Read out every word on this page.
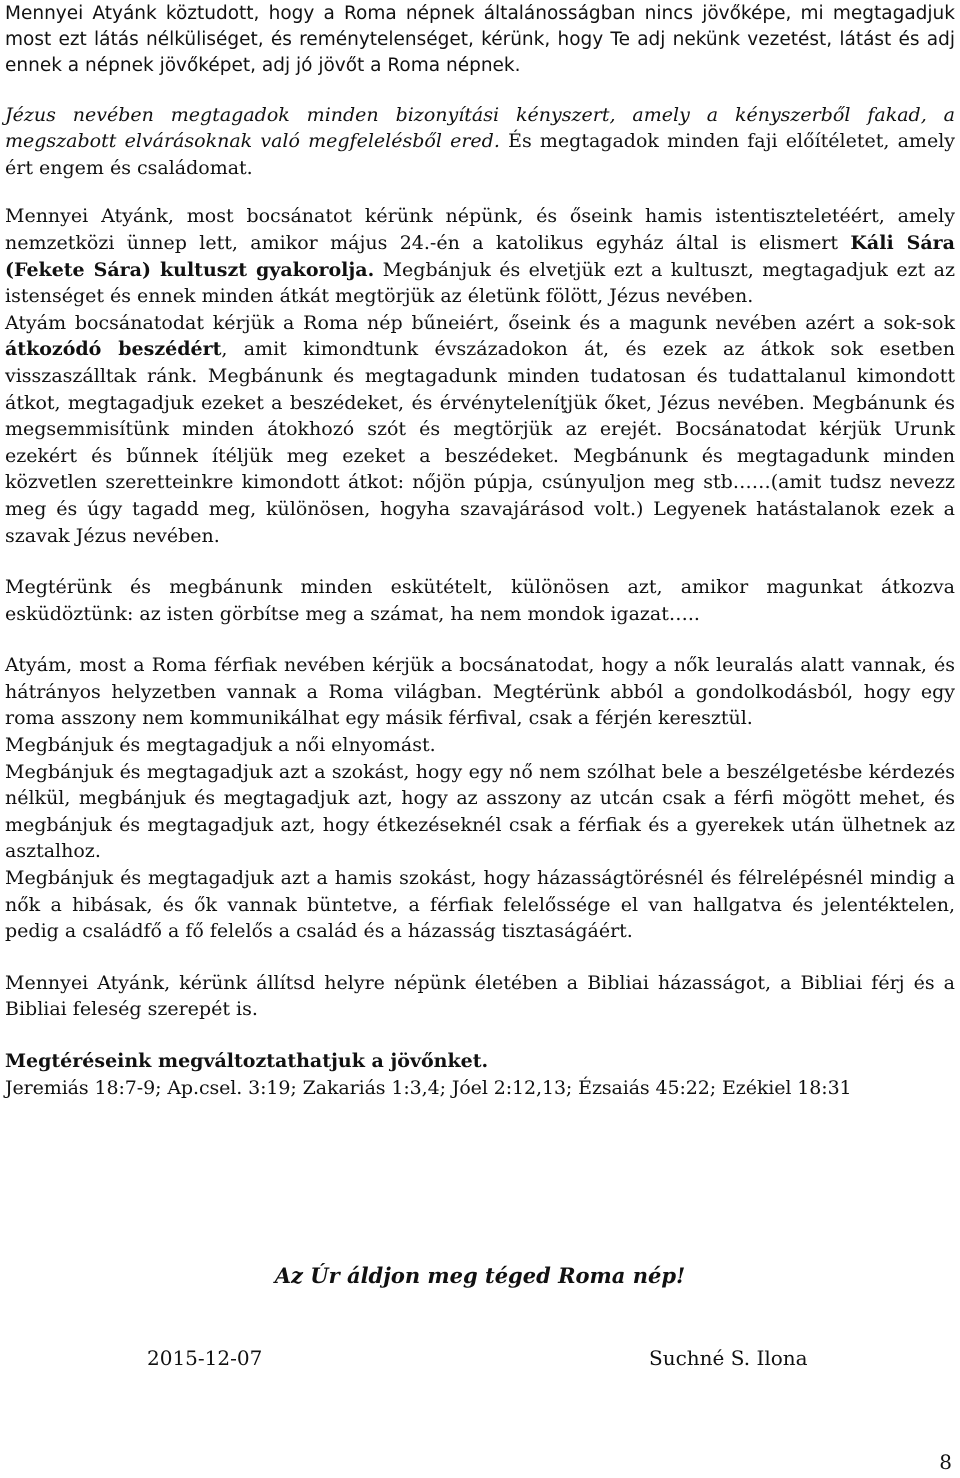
Mennyei Atyánk köztudott, hogy a Roma népnek általánosságban nincs jövőképe, mi megtagadjuk most ezt látás nélküliséget, és reménytelenséget, kérünk, hogy Te adj nekünk vezetést, látást és adj ennek a népnek jövőképet, adj jó jövőt a Roma népnek.

Jézus nevében megtagadok minden bizonyítási kényszert, amely a kényszerből fakad, a megszabott elvárásoknak való megfelelésből ered. És megtagadok minden faji előítéletet, amely ért engem és családomat.

Mennyei Atyánk, most bocsánatot kérünk népünk, és őseink hamis istentiszteletéért, amely nemzetközi ünnep lett, amikor május 24.-én a katolikus egyház által is elismert Káli Sára (Fekete Sára) kultuszt gyakorolja. Megbánjuk és elvetjük ezt a kultuszt, megtagadjuk ezt az istenséget és ennek minden átkát megtörjük az életünk fölött, Jézus nevében.

Atyám bocsánatodat kérjük a Roma nép bűneiért, őseink és a magunk nevében azért a sok-sok átkozódó beszédért, amit kimondtunk évszázadokon át, és ezek az átkok sok esetben visszaszálltak ránk. Megbánunk és megtagadunk minden tudatosan és tudattalanul kimondott átkot, megtagadjuk ezeket a beszédeket, és érvényteleníţjük őket, Jézus nevében. Megbánunk és megsemmisítünk minden átokhozó szót és megtörjük az erejét. Bocsánatodat kérjük Urunk ezekért és bűnnek ítéljük meg ezeket a beszédeket. Megbánunk és megtagadunk minden közvetlen szeretteinkre kimondott átkot: nőjön púpja, csúnyuljon meg stb……(amit tudsz nevezz meg és úgy tagadd meg, különösen, hogyha szavajárásod volt.) Legyenek hatástalanok ezek a szavak Jézus nevében.

Megtérünk és megbánunk minden eskütételt, különösen azt, amikor magunkat átkozva esküdöztünk: az isten görbítse meg a számat, ha nem mondok igazat…..

Atyám, most a Roma férfiak nevében kérjük a bocsánatodat, hogy a nők leuralás alatt vannak, és hátrányos helyzetben vannak a Roma világban. Megtérünk abból a gondolkodásból, hogy egy roma asszony nem kommunikálhat egy másik férfival, csak a férjén keresztül.

Megbánjuk és megtagadjuk a női elnyomást.

Megbánjuk és megtagadjuk azt a szokást, hogy egy nő nem szólhat bele a beszélgetésbe kérdezés nélkül, megbánjuk és megtagadjuk azt, hogy az asszony az utcán csak a férfi mögött mehet, és megbánjuk és megtagadjuk azt, hogy étkezéseknél csak a férfiak és a gyerekek után ülhetnek az asztalhoz.

Megbánjuk és megtagadjuk azt a hamis szokást, hogy házasságtörésnél és félrelépésnél mindig a nők a hibásak, és ők vannak büntetve, a férfiak felelőssége el van hallgatva és jelentéktelen, pedig a családfő a fő felelős a család és a házasság tisztaságáért.

Mennyei Atyánk, kérünk állítsd helyre népünk életében a Bibliai házasságot, a Bibliai férj és a Bibliai feleség szerepét is.

Megtéréseink megváltoztathatjuk a jövőnket.

Jeremiás 18:7-9; Ap.csel. 3:19; Zakariás 1:3,4; Jóel 2:12,13; Ézsaiás 45:22; Ezékiel 18:31

Az Úr áldjon meg téged Roma nép!
2015-12-07	Suchné S. Ilona
8
